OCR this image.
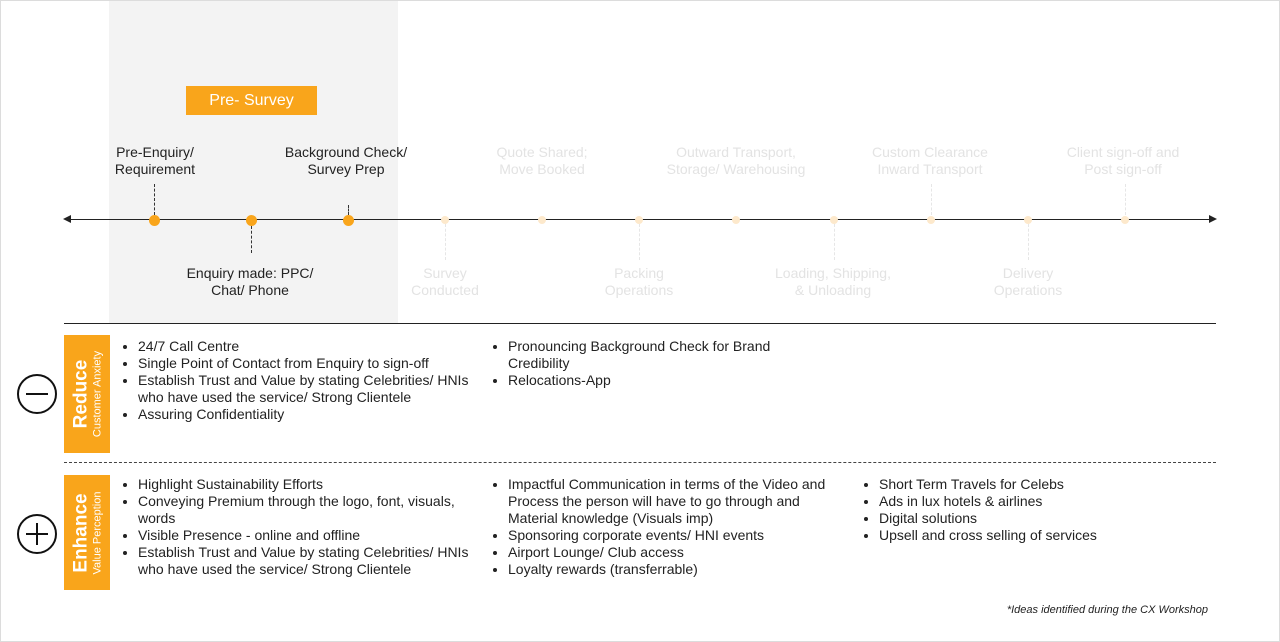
Pre- Survey
Pre-Enquiry/
Requirement
Enquiry made: PPC/
Chat/ Phone
Background Check/
Survey Prep
Survey
Conducted
Quote Shared;
Move Booked
Packing
Operations
Outward Transport,
Storage/ Warehousing
Loading, Shipping,
& Unloading
Custom Clearance
Inward Transport
Delivery
Operations
Client sign-off and
Post sign-off
Reduce Customer Anxiety
• 24/7 Call Centre
• Single Point of Contact from Enquiry to sign-off
• Establish Trust and Value by stating Celebrities/ HNIs who have used the service/ Strong Clientele
• Assuring Confidentiality
• Pronouncing Background Check for Brand Credibility
• Relocations-App
Enhance Value Perception
• Highlight Sustainability Efforts
• Conveying Premium through the logo, font, visuals, words
• Visible Presence - online and offline
• Establish Trust and Value by stating Celebrities/ HNIs who have used the service/ Strong Clientele
• Impactful Communication in terms of the Video and Process the person will have to go through and Material knowledge (Visuals imp)
• Sponsoring corporate events/ HNI events
• Airport Lounge/ Club access
• Loyalty rewards (transferrable)
• Short Term Travels for Celebs
• Ads in lux hotels & airlines
• Digital solutions
• Upsell and cross selling of services
*Ideas identified during the CX Workshop
